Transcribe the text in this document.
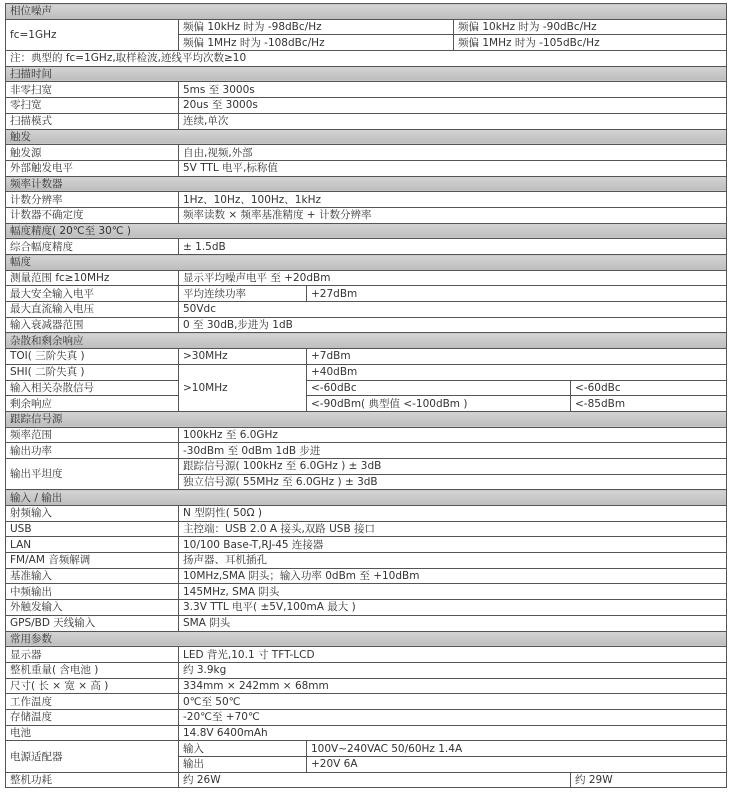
相位噪声				
fc=1GHz	频偏 10kHz 时为 -98dBc/Hz		频偏 10kHz 时为 -90dBc/Hz	
	频偏 1MHz 时为 -108dBc/Hz		频偏 1MHz 时为 -105dBc/Hz	
注：典型的 fc=1GHz,取样检波,迹线平均次数≥10				
扫描时间				
非零扫宽	5ms 至 3000s			
零扫宽	20us 至 3000s			
扫描模式	连续,单次			
触发				
触发源	自由,视频,外部			
外部触发电平	5V TTL 电平,标称值			
频率计数器				
计数分辨率	1Hz、10Hz、100Hz、1kHz			
计数器不确定度	频率读数 × 频率基准精度 + 计数分辨率			
幅度精度( 20℃至 30℃ )				
综合幅度精度	± 1.5dB			
幅度				
测量范围 fc≥10MHz	显示平均噪声电平 至 +20dBm			
最大安全输入电平	平均连续功率	+27dBm		
最大直流输入电压	50Vdc			
输入衰减器范围	0 至 30dB,步进为 1dB			
杂散和剩余响应				
TOI( 三阶失真 )	>30MHz	+7dBm		
SHI( 二阶失真 )	>10MHz	+40dBm		
输入相关杂散信号		<-60dBc		<-60dBc
剩余响应		<-90dBm( 典型值 <-100dBm )		<-85dBm
跟踪信号源				
频率范围	100kHz 至 6.0GHz			
输出功率	-30dBm 至 0dBm 1dB 步进			
输出平坦度	跟踪信号源( 100kHz 至 6.0GHz ) ± 3dB			
	独立信号源( 55MHz 至 6.0GHz ) ± 3dB			
输入 / 输出				
射频输入	N 型阴性( 50Ω )			
USB	主控端：USB 2.0 A 接头,双路 USB 接口			
LAN	10/100 Base-T,RJ-45 连接器			
FM/AM 音频解调	扬声器、耳机插孔			
基准输入	10MHz,SMA 阴头；输入功率 0dBm 至 +10dBm			
中频输出	145MHz, SMA 阴头			
外触发输入	3.3V TTL 电平( ±5V,100mA 最大 )			
GPS/BD 天线输入	SMA 阴头			
常用参数				
显示器	LED 背光,10.1 寸 TFT-LCD			
整机重量( 含电池 )	约 3.9kg			
尺寸( 长 × 宽 × 高 )	334mm × 242mm × 68mm			
工作温度	0℃至 50℃			
存储温度	-20℃至 +70℃			
电池	14.8V 6400mAh			
电源适配器	输入	100V~240VAC 50/60Hz 1.4A		
	输出	+20V 6A		
整机功耗	约 26W			约 29W
